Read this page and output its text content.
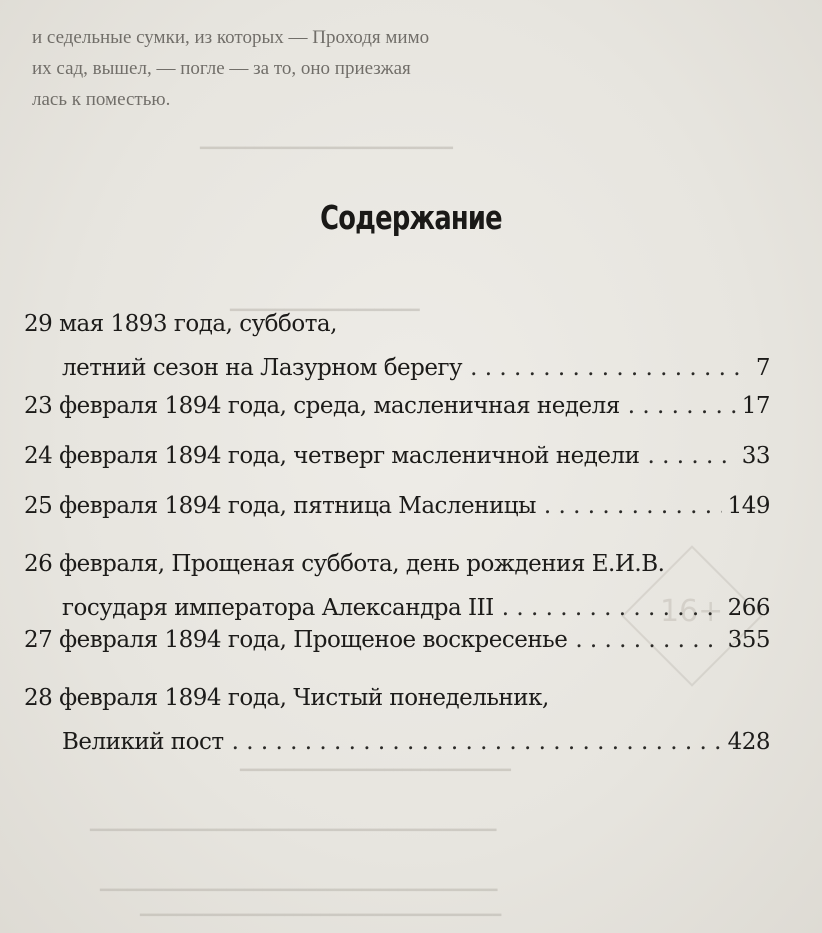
━━━━━━━━━━━━━━━━━━━━━━━━━━━━
━━━━━━━━━━━━━━━━━━━━━
━━━━━━━━━━━━━━━━━━━━━━━━━━━━━━
━━━━━━━━━━━━━━━━━━━━━━━━━━━━━━━━━━━━━━━━━━━━━
━━━━━━━━━━━━━━━━━━━━━━━━━━━━━━━━━━━━━━━━━━━━
━━━━━━━━━━━━━━━━━━━━━━━━━━━━━━━━━━━━━━━━
16+
и седельные сумки, из которых — Проходя мимо
их сад, вышел, — погле — за то, оно приезжая
лась к поместью.
Содержание
29 мая 1893 года, суббота,
летний сезон на Лазурном берегу . . .	7
23 февраля 1894 года, среда, масленичная неделя . . .	17
24 февраля 1894 года, четверг масленичной недели . . .	33
25 февраля 1894 года, пятница Масленицы . . .	149
26 февраля, Прощеная суббота, день рождения Е.И.В.
государя императора Александра III . . .	266
27 февраля 1894 года, Прощеное воскресенье . . .	355
28 февраля 1894 года, Чистый понедельник,
Великий пост . . .	428
